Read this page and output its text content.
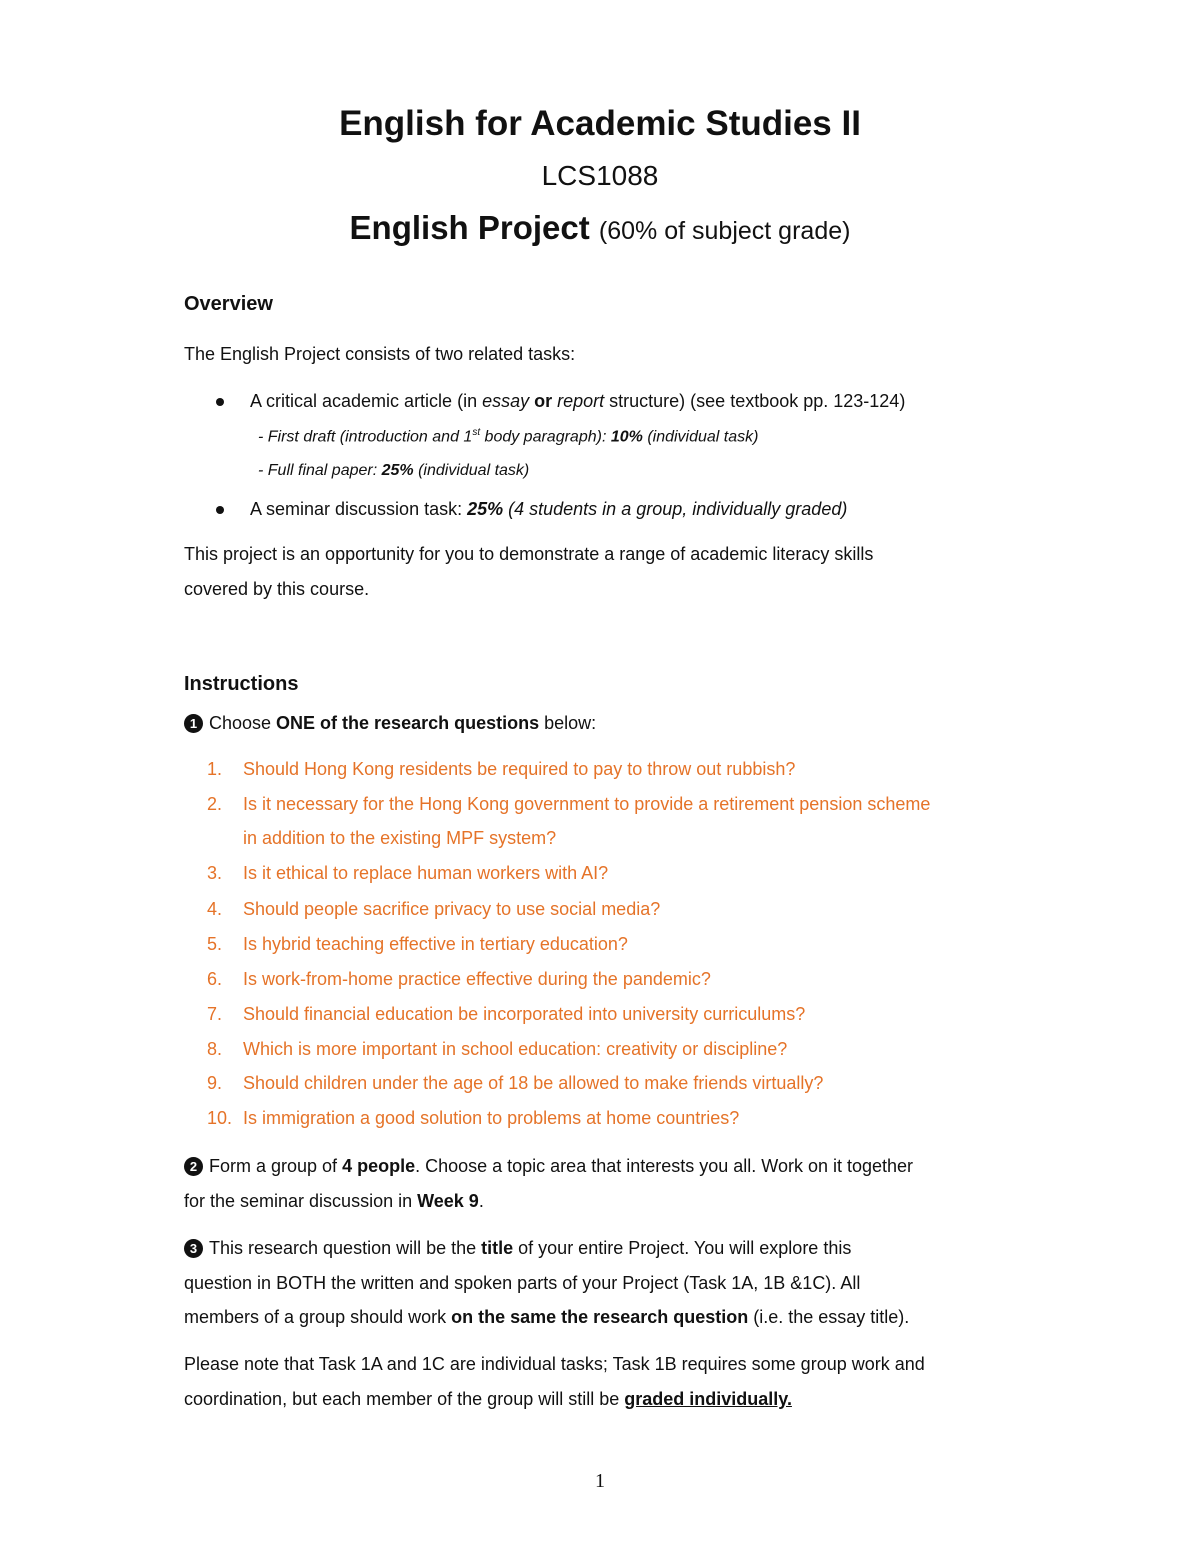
English for Academic Studies II
LCS1088
English Project (60% of subject grade)
Overview
The English Project consists of two related tasks:
A critical academic article (in essay or report structure) (see textbook pp. 123-124)
- First draft (introduction and 1st body paragraph): 10% (individual task)
- Full final paper: 25% (individual task)
A seminar discussion task: 25% (4 students in a group, individually graded)
This project is an opportunity for you to demonstrate a range of academic literacy skills
covered by this course.
Instructions
1 Choose ONE of the research questions below:
1. Should Hong Kong residents be required to pay to throw out rubbish?
2. Is it necessary for the Hong Kong government to provide a retirement pension scheme
in addition to the existing MPF system?
3. Is it ethical to replace human workers with AI?
4. Should people sacrifice privacy to use social media?
5. Is hybrid teaching effective in tertiary education?
6. Is work-from-home practice effective during the pandemic?
7. Should financial education be incorporated into university curriculums?
8. Which is more important in school education: creativity or discipline?
9. Should children under the age of 18 be allowed to make friends virtually?
10. Is immigration a good solution to problems at home countries?
2 Form a group of 4 people. Choose a topic area that interests you all. Work on it together
for the seminar discussion in Week 9.
3 This research question will be the title of your entire Project. You will explore this
question in BOTH the written and spoken parts of your Project (Task 1A, 1B &1C). All
members of a group should work on the same the research question (i.e. the essay title).
Please note that Task 1A and 1C are individual tasks; Task 1B requires some group work and
coordination, but each member of the group will still be graded individually.
1
